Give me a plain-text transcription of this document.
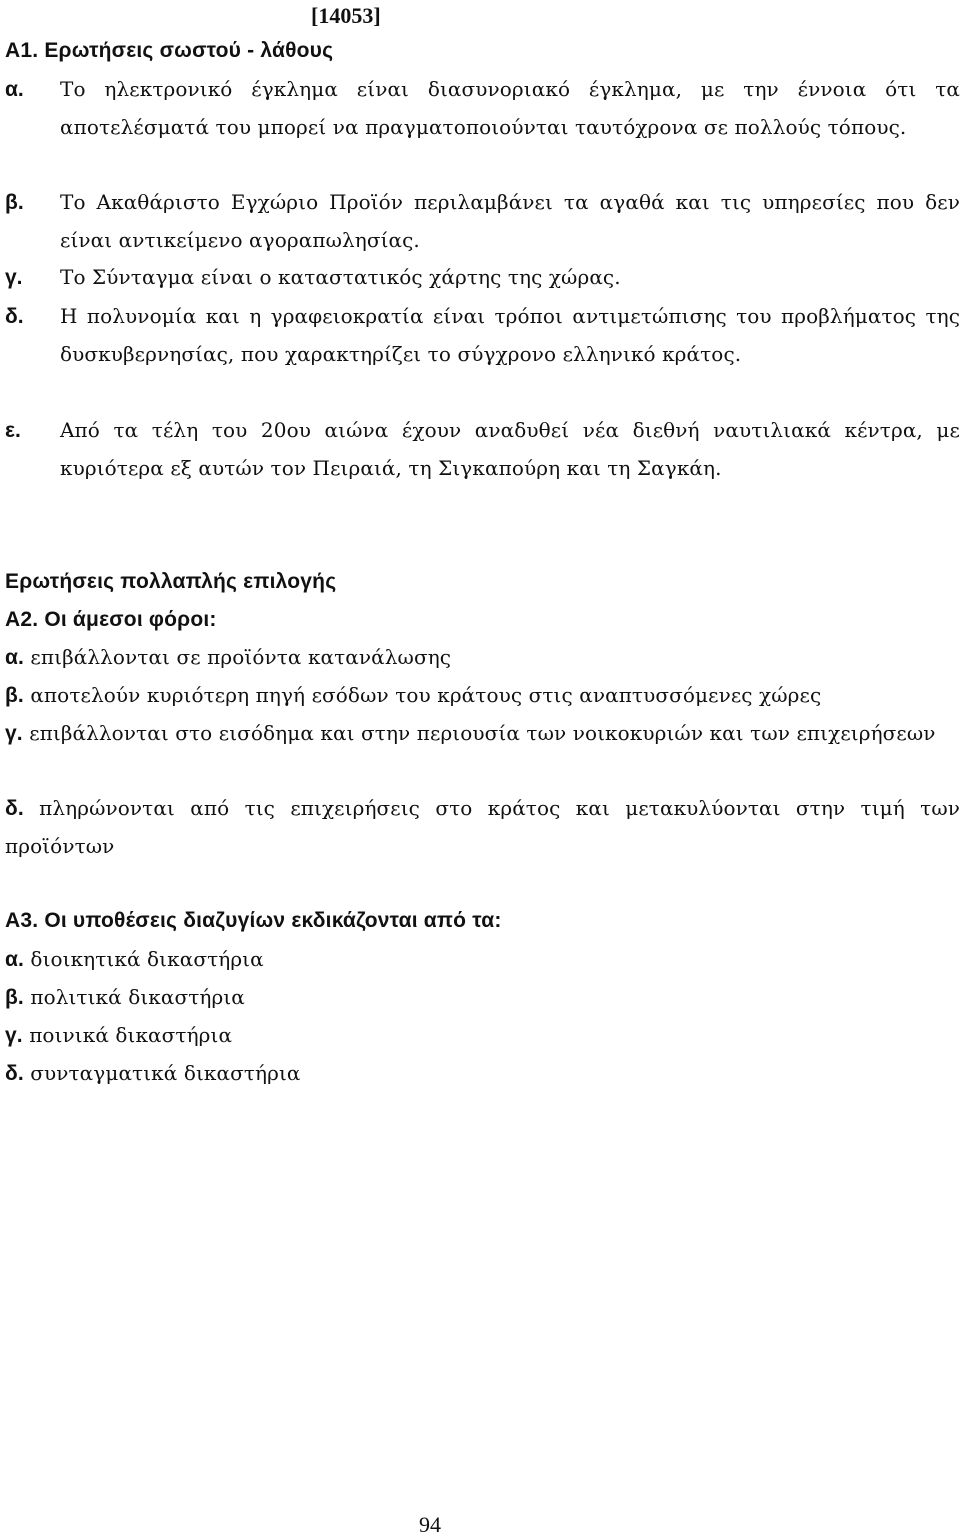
[14053]
Α1. Ερωτήσεις σωστού - λάθους
α. Το ηλεκτρονικό έγκλημα είναι διασυνοριακό έγκλημα, με την έννοια ότι τα αποτελέσματά του μπορεί να πραγματοποιούνται ταυτόχρονα σε πολλούς τόπους.
β. Το Ακαθάριστο Εγχώριο Προϊόν περιλαμβάνει τα αγαθά και τις υπηρεσίες που δεν είναι αντικείμενο αγοραπωλησίας.
γ. Το Σύνταγμα είναι ο καταστατικός χάρτης της χώρας.
δ. Η πολυνομία και η γραφειοκρατία είναι τρόποι αντιμετώπισης του προβλήματος της δυσκυβερνησίας, που χαρακτηρίζει το σύγχρονο ελληνικό κράτος.
ε. Από τα τέλη του 20ου αιώνα έχουν αναδυθεί νέα διεθνή ναυτιλιακά κέντρα, με κυριότερα εξ αυτών τον Πειραιά, τη Σιγκαπούρη και τη Σαγκάη.
Ερωτήσεις πολλαπλής επιλογής
Α2. Οι άμεσοι φόροι:
α. επιβάλλονται σε προϊόντα κατανάλωσης
β. αποτελούν κυριότερη πηγή εσόδων του κράτους στις αναπτυσσόμενες χώρες
γ. επιβάλλονται στο εισόδημα και στην περιουσία των νοικοκυριών και των επιχειρήσεων
δ. πληρώνονται από τις επιχειρήσεις στο κράτος και μετακυλύονται στην τιμή των προϊόντων
Α3. Οι υποθέσεις διαζυγίων εκδικάζονται από τα:
α. διοικητικά δικαστήρια
β. πολιτικά δικαστήρια
γ. ποινικά δικαστήρια
δ. συνταγματικά δικαστήρια
94
